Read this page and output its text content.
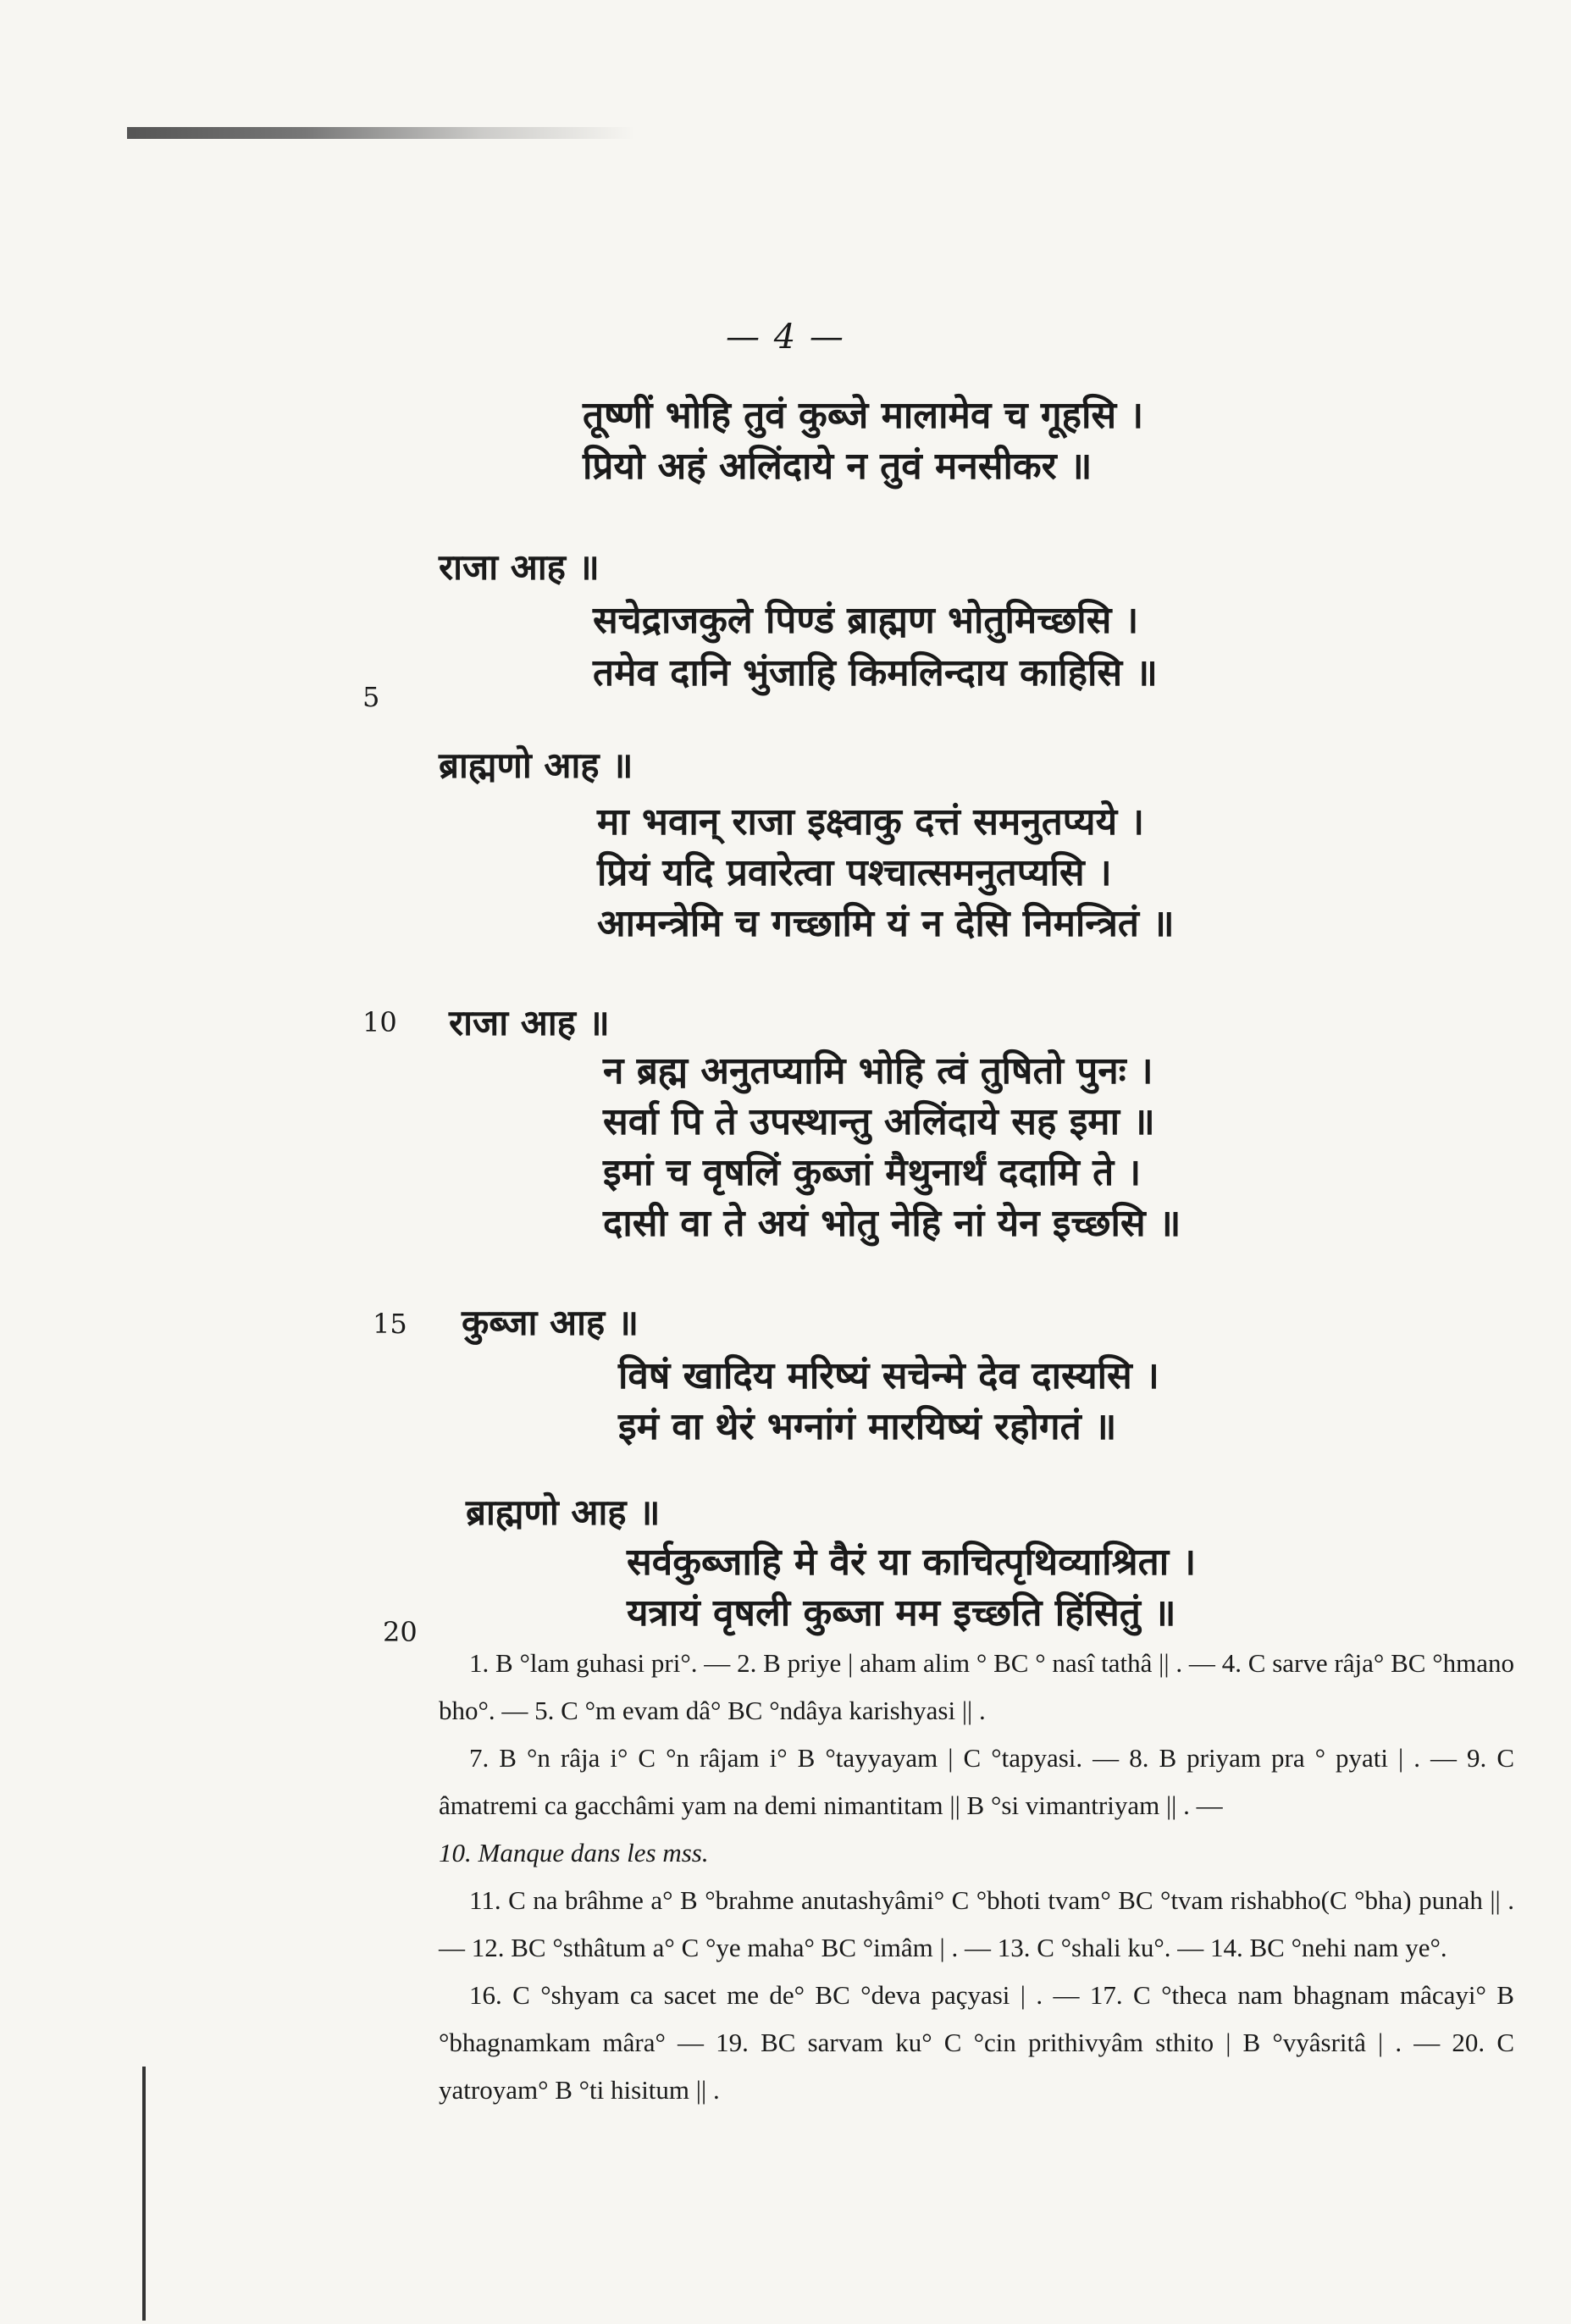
— 4 —
तूष्णीं भोहि तुवं कुब्जे मालामेव च गूहसि ।
प्रियो अहं अलिंदाये न तुवं मनसीकर ॥
राजा आह ॥
सचेद्राजकुले पिण्डं ब्राह्मण भोतुमिच्छसि ।
तमेव दानि भुंजाहि किमलिन्दाय काहिसि ॥
5
ब्राह्मणो आह ॥
मा भवान् राजा इक्ष्वाकु दत्तं समनुतप्यये ।
प्रियं यदि प्रवारेत्वा पश्चात्समनुतप्यसि ।
आमन्त्रेमि च गच्छामि यं न देसि निमन्त्रितं ॥
10 राजा आह ॥
न ब्रह्म अनुतप्यामि भोहि त्वं तुषितो पुनः ।
सर्वा पि ते उपस्थान्तु अलिंदाये सह इमा ॥
इमां च वृषलिं कुब्जां मैथुनार्थं ददामि ते ।
दासी वा ते अयं भोतु नेहि नां येन इच्छसि ॥
15 कुब्जा आह ॥
विषं खादिय मरिष्यं सचेन्मे देव दास्यसि ।
इमं वा थेरं भग्नांगं मारयिष्यं रहोगतं ॥
ब्राह्मणो आह ॥
सर्वकुब्जाहि मे वैरं या काचित्पृथिव्याश्रिता ।
यत्रायं वृषली कुब्जा मम इच्छति हिंसितुं ॥
20

1. B °lam guhasi pri°. — 2. B priye | aham alim ° BC ° nasî tathâ || . — 4. C sarve râja° BC °hmano bho°. — 5. C °m evam dâ° BC °ndâya karishyasi || .

7. B °n râja i° C °n râjam i° B °tayyayam | C °tapyasi. — 8. B priyam pra ° pyati | . — 9. C âmatremi ca gacchâmi yam na demi nimantitam || B °si vimantriyam || . —

10. Manque dans les mss.

11. C na brâhme a° B °brahme anutashyâmi° C °bhoti tvam° BC °tvam rishabho(C °bha) punah || . — 12. BC °sthâtum a° C °ye maha° BC °imâm | . — 13. C °shali ku°. — 14. BC °nehi nam ye°.

16. C °shyam ca sacet me de° BC °deva paçyasi | . — 17. C °theca nam bhagnam mâcayi° B °bhagnamkam mâra° — 19. BC sarvam ku° C °cin prithivyâm sthito | B °vyâsritâ | . — 20. C yatroyam° B °ti hisitum || .
